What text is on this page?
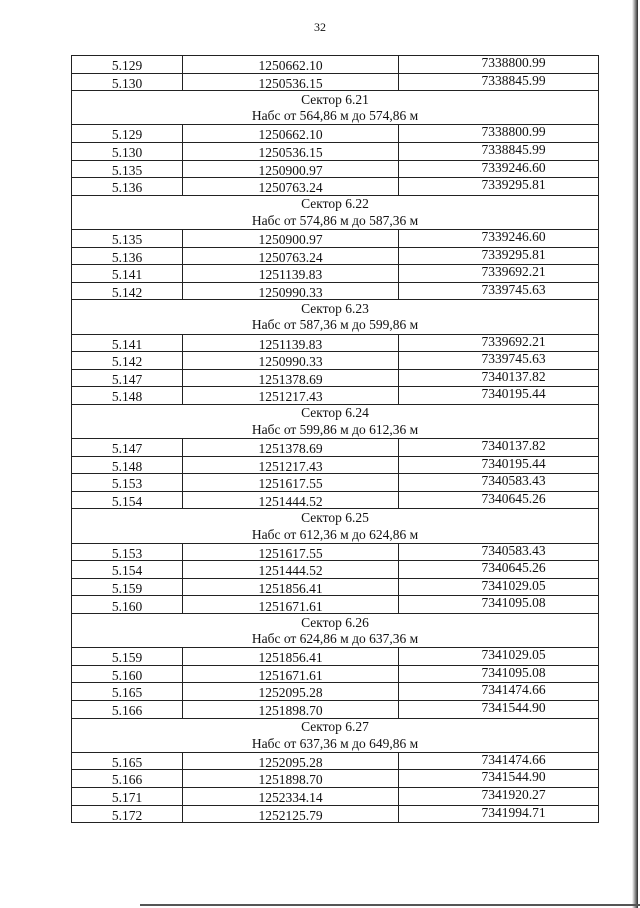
32
5.129	1250662.10	7338800.99
5.130	1250536.15	7338845.99
Сектор 6.21		
Набс от 564,86 м до 574,86 м		
5.129	1250662.10	7338800.99
5.130	1250536.15	7338845.99
5.135	1250900.97	7339246.60
5.136	1250763.24	7339295.81
Сектор 6.22		
Набс от 574,86 м до 587,36 м		
5.135	1250900.97	7339246.60
5.136	1250763.24	7339295.81
5.141	1251139.83	7339692.21
5.142	1250990.33	7339745.63
Сектор 6.23		
Набс от 587,36 м до 599,86 м		
5.141	1251139.83	7339692.21
5.142	1250990.33	7339745.63
5.147	1251378.69	7340137.82
5.148	1251217.43	7340195.44
Сектор 6.24		
Набс от 599,86 м до 612,36 м		
5.147	1251378.69	7340137.82
5.148	1251217.43	7340195.44
5.153	1251617.55	7340583.43
5.154	1251444.52	7340645.26
Сектор 6.25		
Набс от 612,36 м до 624,86 м		
5.153	1251617.55	7340583.43
5.154	1251444.52	7340645.26
5.159	1251856.41	7341029.05
5.160	1251671.61	7341095.08
Сектор 6.26		
Набс от 624,86 м до 637,36 м		
5.159	1251856.41	7341029.05
5.160	1251671.61	7341095.08
5.165	1252095.28	7341474.66
5.166	1251898.70	7341544.90
Сектор 6.27		
Набс от 637,36 м до 649,86 м		
5.165	1252095.28	7341474.66
5.166	1251898.70	7341544.90
5.171	1252334.14	7341920.27
5.172	1252125.79	7341994.71
